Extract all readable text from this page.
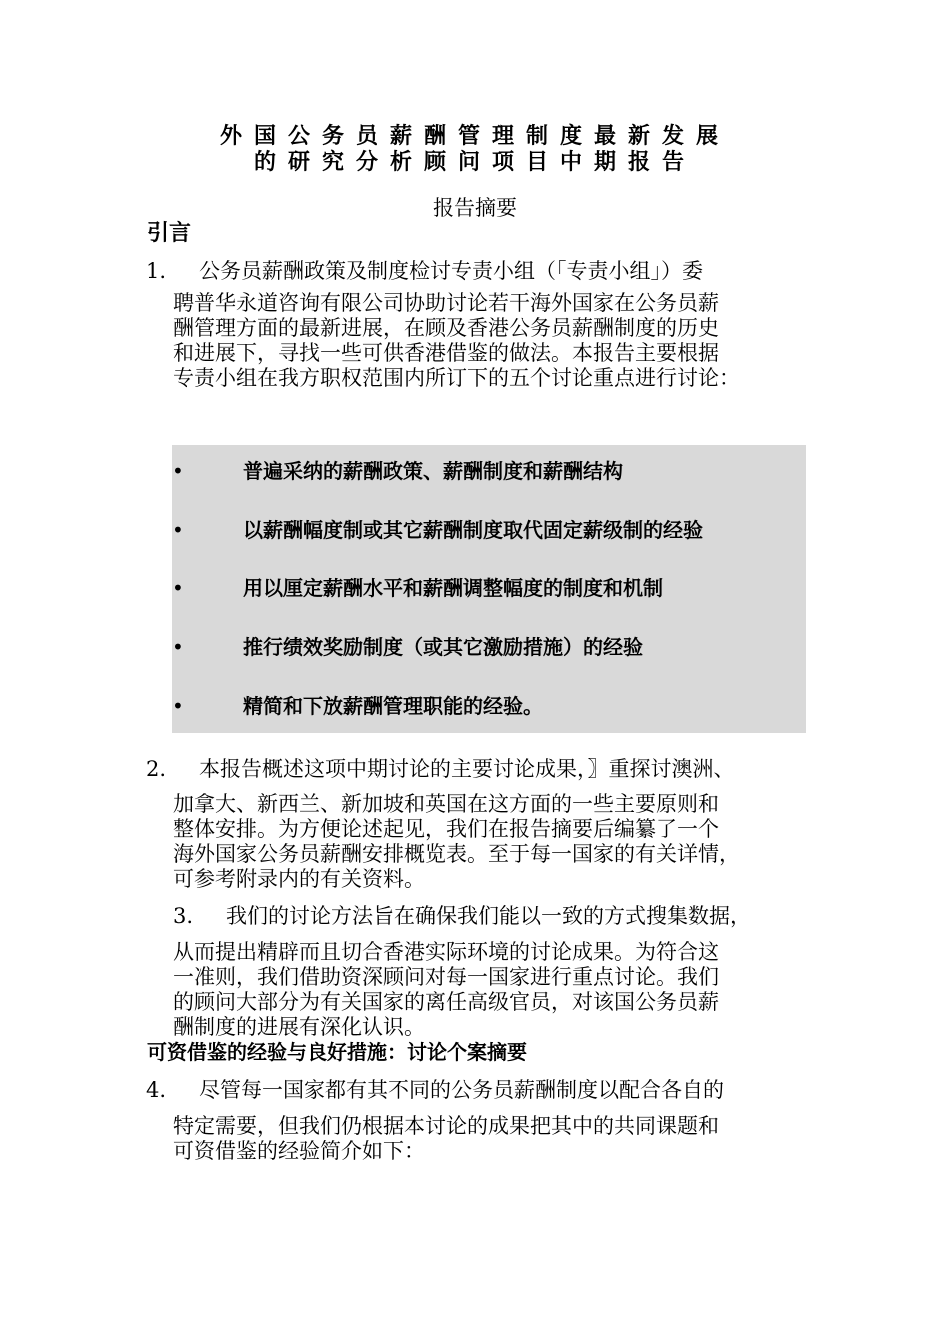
外国公务员薪酬管理制度最新发展
的研究分析顾问项目中期报告
报告摘要
引言
1. 公务员薪酬政策及制度检讨专责小组（「专责小组」）委
聘普华永道咨询有限公司协助讨论若干海外国家在公务员薪
酬管理方面的最新进展，在顾及香港公务员薪酬制度的历史
和进展下，寻找一些可供香港借鉴的做法。本报告主要根据
专责小组在我方职权范围内所订下的五个讨论重点进行讨论：
•	普遍采纳的薪酬政策、薪酬制度和薪酬结构
•	以薪酬幅度制或其它薪酬制度取代固定薪级制的经验
•	用以厘定薪酬水平和薪酬调整幅度的制度和机制
•	推行绩效奖励制度（或其它激励措施）的经验
•	精简和下放薪酬管理职能的经验。
2. 本报告概述这项中期讨论的主要讨论成果，〗重探讨澳洲、
加拿大、新西兰、新加坡和英国在这方面的一些主要原则和
整体安排。为方便论述起见，我们在报告摘要后编纂了一个
海外国家公务员薪酬安排概览表。至于每一国家的有关详情，
可参考附录内的有关资料。
3. 我们的讨论方法旨在确保我们能以一致的方式搜集数据，
从而提出精辟而且切合香港实际环境的讨论成果。为符合这
一准则，我们借助资深顾问对每一国家进行重点讨论。我们
的顾问大部分为有关国家的离任高级官员，对该国公务员薪
酬制度的进展有深化认识。
可资借鉴的经验与良好措施：讨论个案摘要
4. 尽管每一国家都有其不同的公务员薪酬制度以配合各自的
特定需要，但我们仍根据本讨论的成果把其中的共同课题和
可资借鉴的经验简介如下：
